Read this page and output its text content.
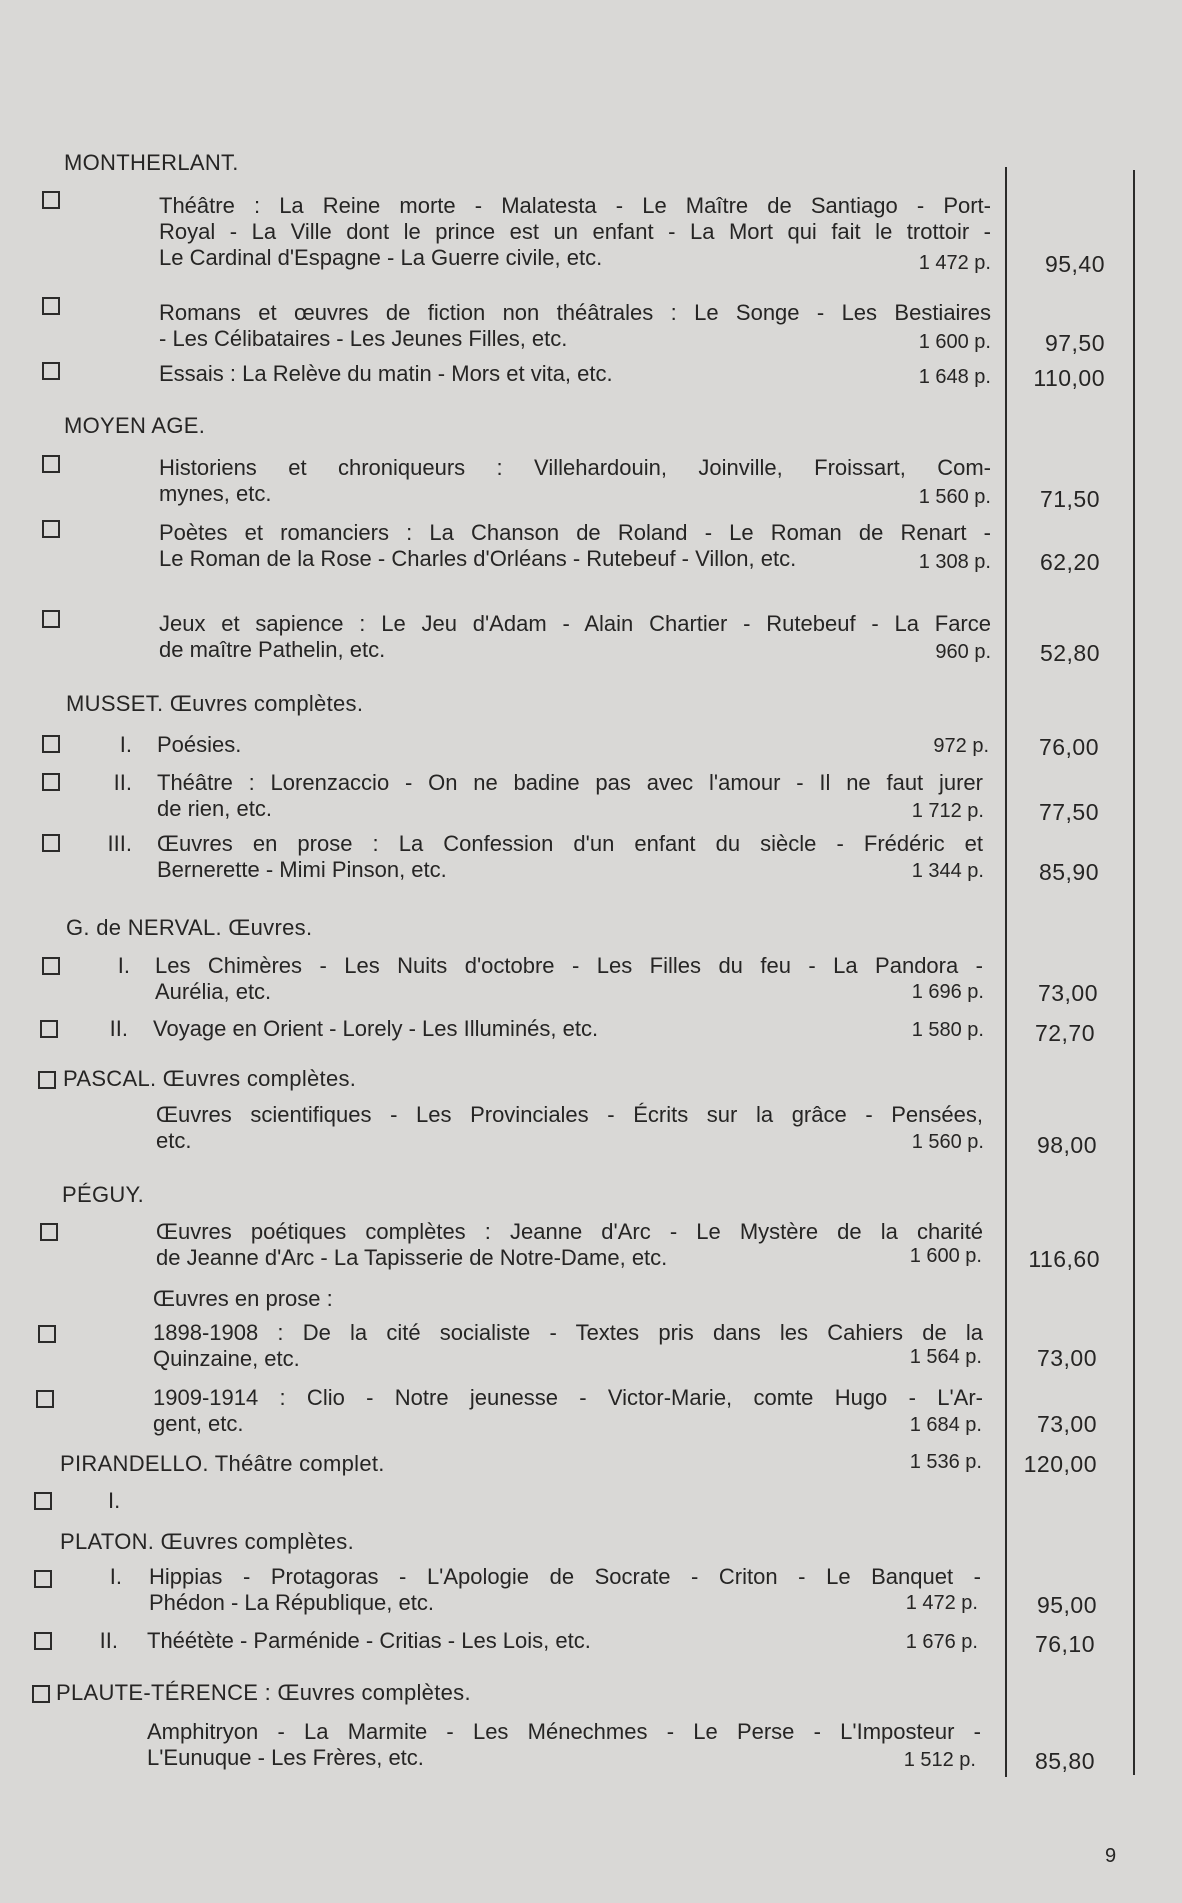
MONTHERLANT.
Théâtre : La Reine morte - Malatesta - Le Maître de Santiago - Port-
Royal - La Ville dont le prince est un enfant - La Mort qui fait le trottoir -
Le Cardinal d'Espagne - La Guerre civile, etc.	1 472 p.	95,40
Romans et œuvres de fiction non théâtrales : Le Songe - Les Bestiaires
- Les Célibataires - Les Jeunes Filles, etc.	1 600 p.	97,50
Essais : La Relève du matin - Mors et vita, etc.	1 648 p.	110,00
MOYEN AGE.
Historiens et chroniqueurs : Villehardouin, Joinville, Froissart, Com-
mynes, etc.	1 560 p.	71,50
Poètes et romanciers : La Chanson de Roland - Le Roman de Renart -
Le Roman de la Rose - Charles d'Orléans - Rutebeuf - Villon, etc.	1 308 p.	62,20
Jeux et sapience : Le Jeu d'Adam - Alain Chartier - Rutebeuf - La Farce
de maître Pathelin, etc.	960 p.	52,80
MUSSET. Œuvres complètes.
I. Poésies.	972 p.	76,00
II. Théâtre : Lorenzaccio - On ne badine pas avec l'amour - Il ne faut jurer
de rien, etc.	1 712 p.	77,50
III. Œuvres en prose : La Confession d'un enfant du siècle - Frédéric et
Bernerette - Mimi Pinson, etc.	1 344 p.	85,90
G. de NERVAL. Œuvres.
I. Les Chimères - Les Nuits d'octobre - Les Filles du feu - La Pandora -
Aurélia, etc.	1 696 p.	73,00
II. Voyage en Orient - Lorely - Les Illuminés, etc.	1 580 p.	72,70
PASCAL. Œuvres complètes.
Œuvres scientifiques - Les Provinciales - Écrits sur la grâce - Pensées,
etc.	1 560 p.	98,00
PÉGUY.
Œuvres poétiques complètes : Jeanne d'Arc - Le Mystère de la charité
de Jeanne d'Arc - La Tapisserie de Notre-Dame, etc.	1 600 p.	116,60
Œuvres en prose :
1898-1908 : De la cité socialiste - Textes pris dans les Cahiers de la
Quinzaine, etc.	1 564 p.	73,00
1909-1914 : Clio - Notre jeunesse - Victor-Marie, comte Hugo - L'Ar-
gent, etc.	1 684 p.	73,00
PIRANDELLO. Théâtre complet.	1 536 p.	120,00
I.
PLATON. Œuvres complètes.
I. Hippias - Protagoras - L'Apologie de Socrate - Criton - Le Banquet -
Phédon - La République, etc.	1 472 p.	95,00
II. Théétète - Parménide - Critias - Les Lois, etc.	1 676 p.	76,10
PLAUTE-TÉRENCE : Œuvres complètes.
Amphitryon - La Marmite - Les Ménechmes - Le Perse - L'Imposteur -
L'Eunuque - Les Frères, etc.	1 512 p.	85,80
9
